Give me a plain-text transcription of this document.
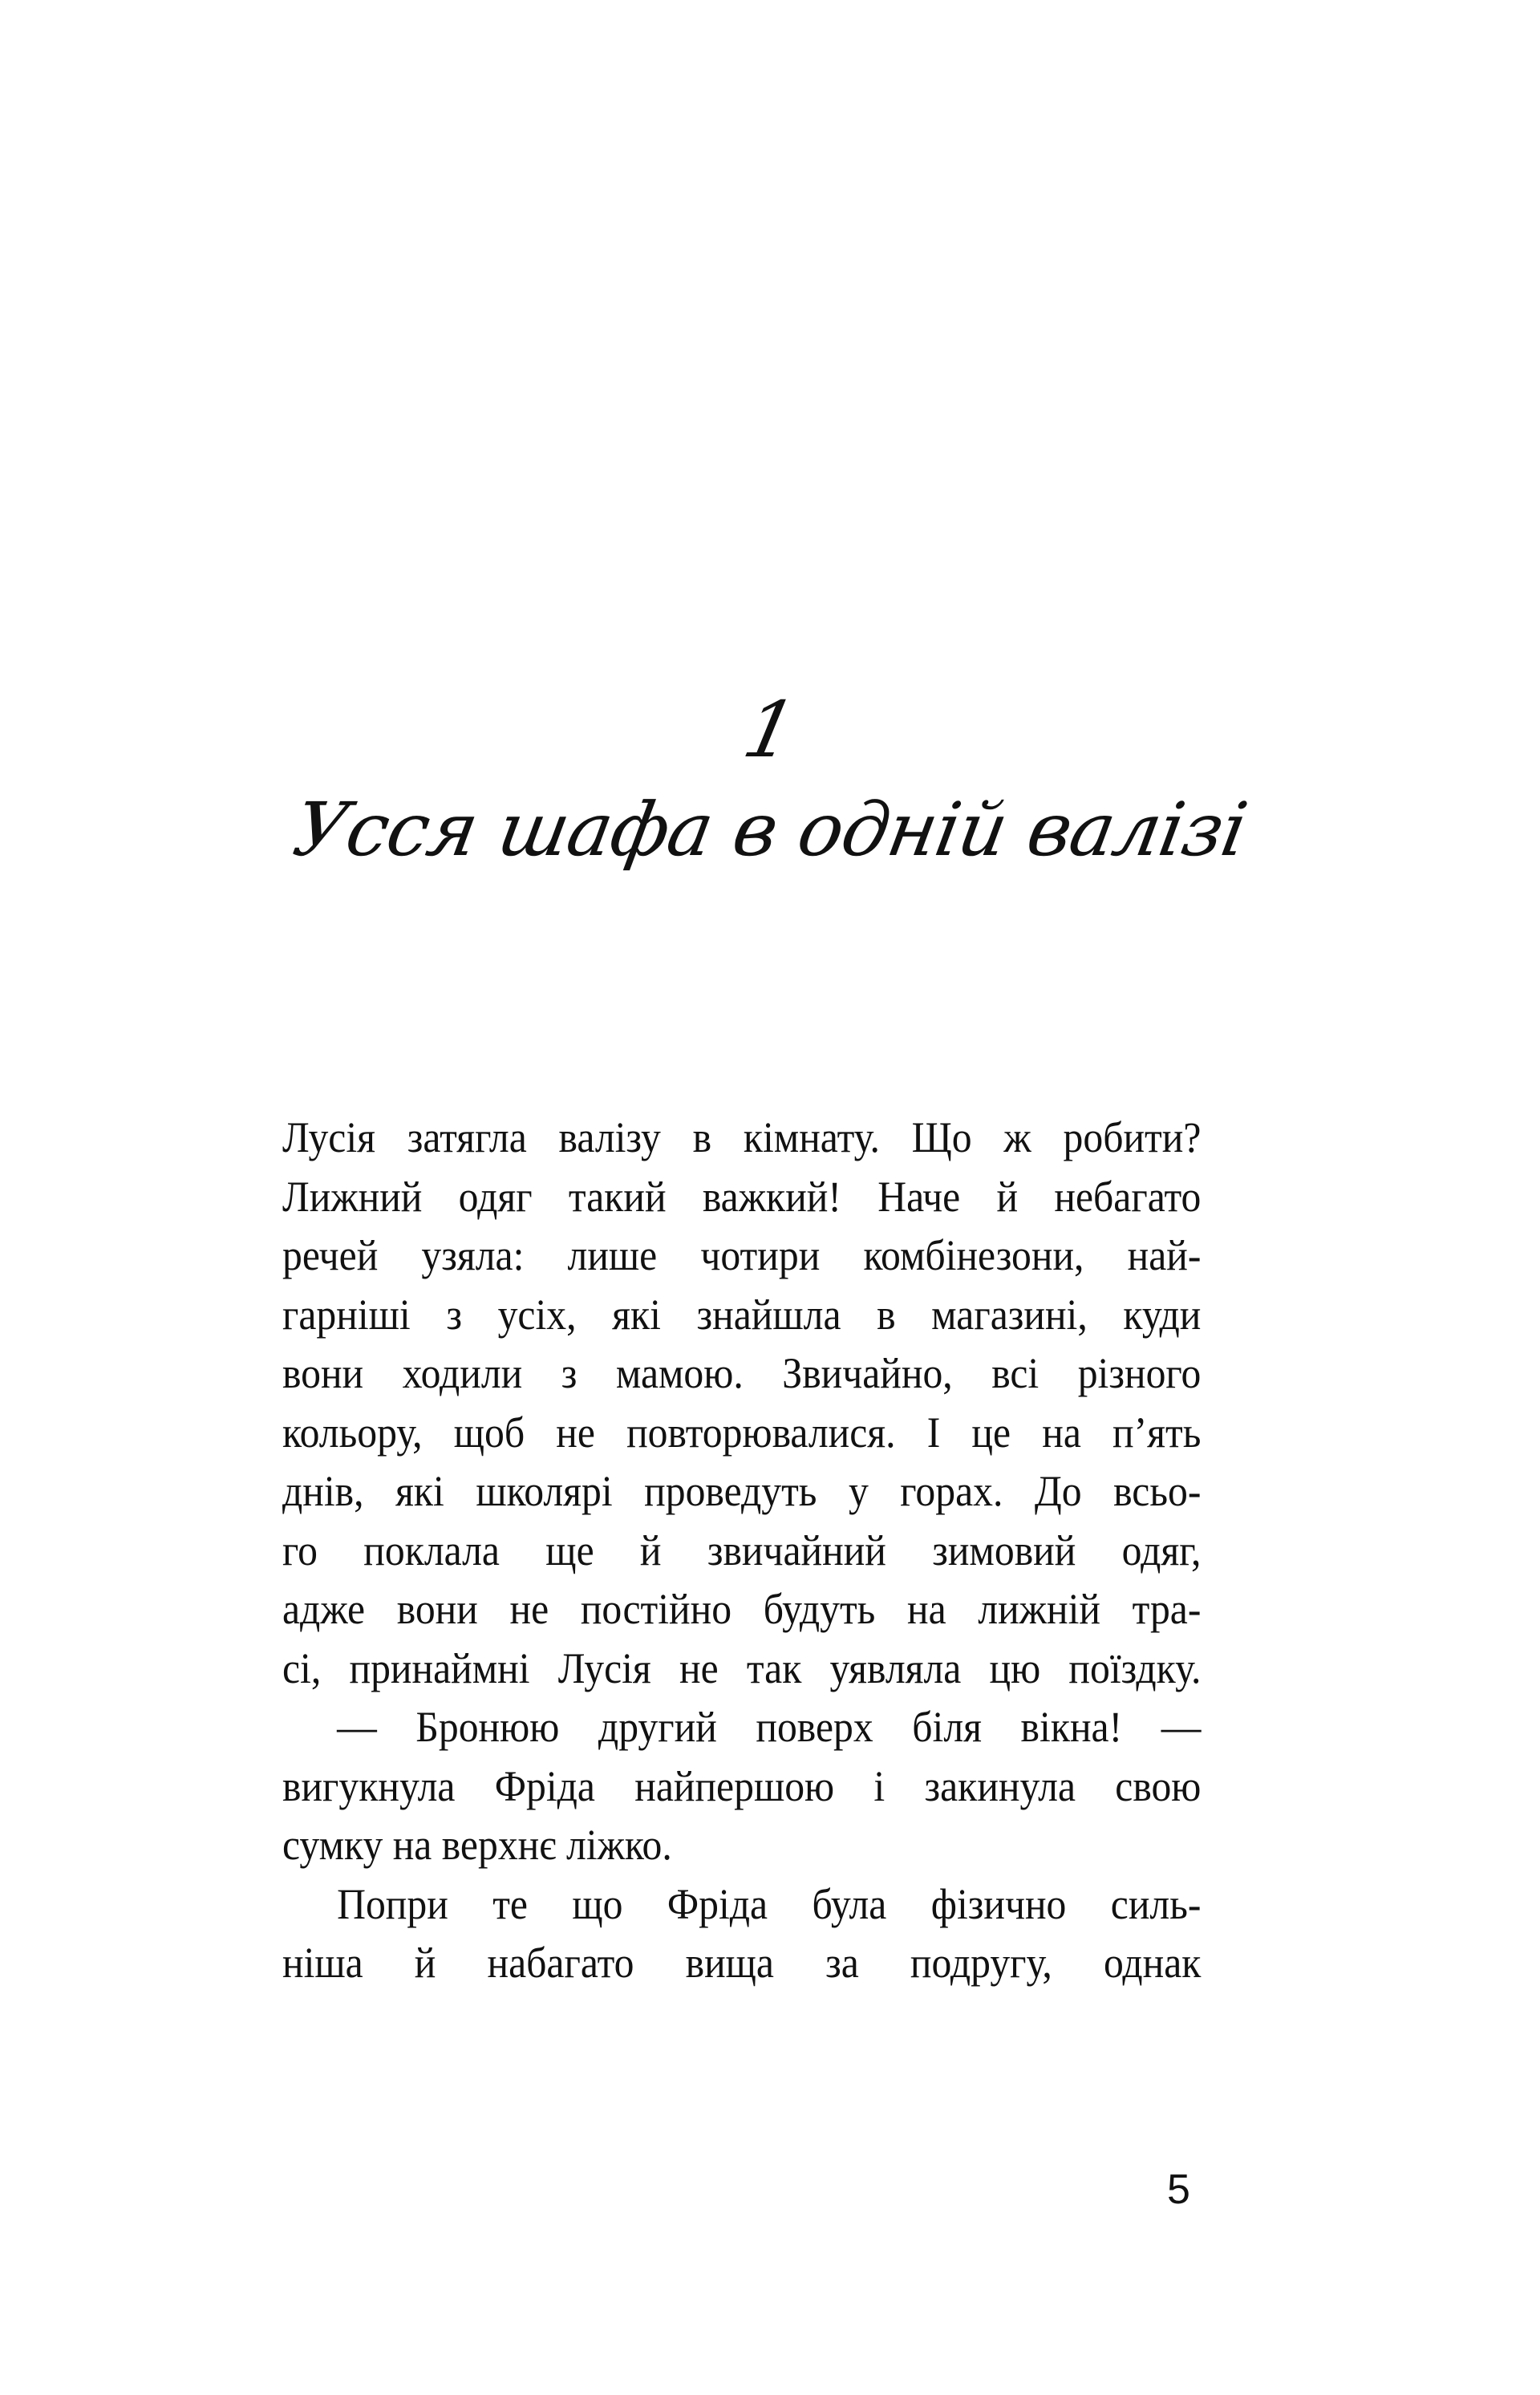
1
Усся шафа в одній валізі
Лусія затягла валізу в кімнату. Що ж робити?
Лижний одяг такий важкий! Наче й небагато
речей узяла: лише чотири комбінезони, най-
гарніші з усіх, які знайшла в магазині, куди
вони ходили з мамою. Звичайно, всі різного
кольору, щоб не повторювалися. І це на п’ять
днів, які школярі проведуть у горах. До всьо-
го поклала ще й звичайний зимовий одяг,
адже вони не постійно будуть на лижній тра-
сі, принаймні Лусія не так уявляла цю поїздку.
— Бронюю другий поверх біля вікна! —
вигукнула Фріда найпершою і закинула свою
сумку на верхнє ліжко.
Попри те що Фріда була фізично силь-
ніша й набагато вища за подругу, однак
5
